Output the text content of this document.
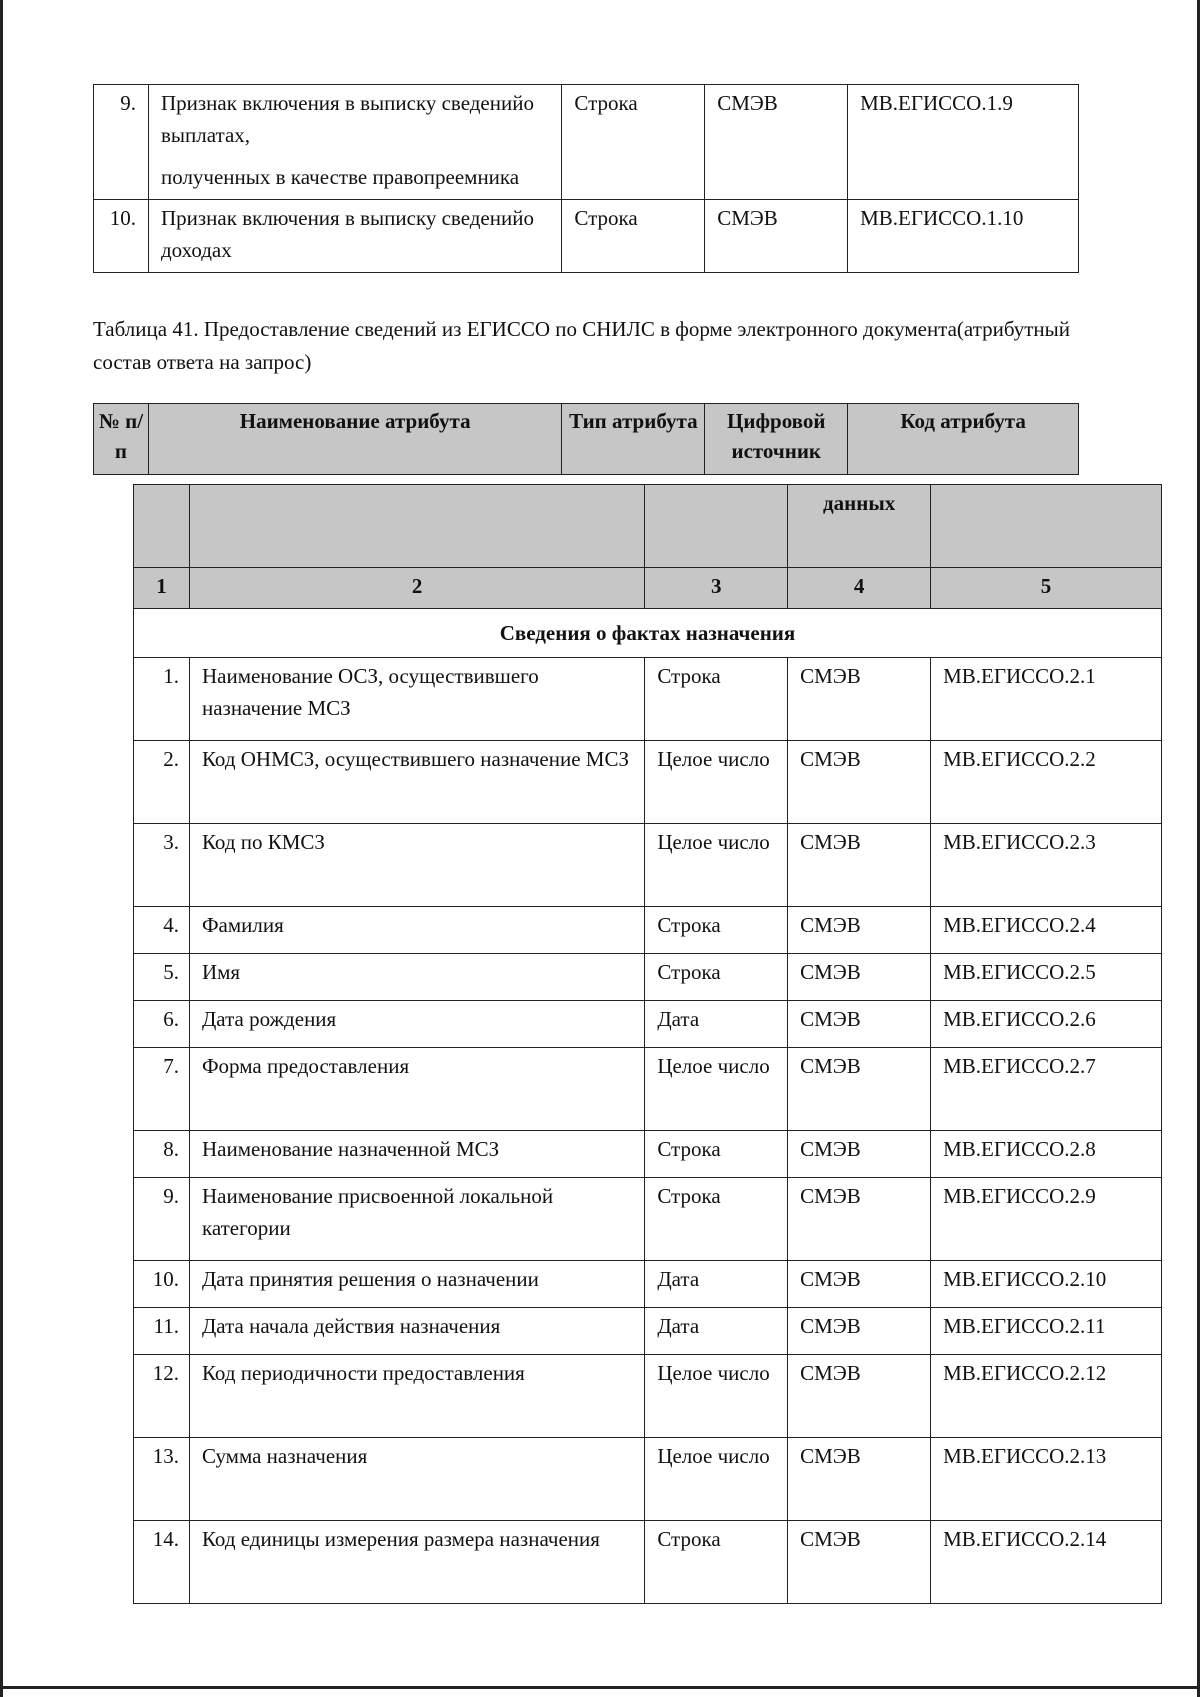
9.	Признак включения в выписку сведенийо выплатах,
полученных в качестве правопреемника	Строка	СМЭВ	МВ.ЕГИССО.1.9
10.	Признак включения в выписку сведенийо доходах	Строка	СМЭВ	МВ.ЕГИССО.1.10
Таблица 41. Предоставление сведений из ЕГИССО по СНИЛС в форме электронного документа(атрибутный состав ответа на запрос)
№ п/п	Наименование атрибута	Тип атрибута	Цифровой источник	Код атрибута
			данных	
1	2	3	4	5
Сведения о фактах назначения				
1.	Наименование ОСЗ, осуществившего назначение МСЗ	Строка	СМЭВ	МВ.ЕГИССО.2.1
2.	Код ОНМСЗ, осуществившего назначение МСЗ	Целое число	СМЭВ	МВ.ЕГИССО.2.2
3.	Код по КМСЗ	Целое число	СМЭВ	МВ.ЕГИССО.2.3
4.	Фамилия	Строка	СМЭВ	МВ.ЕГИССО.2.4
5.	Имя	Строка	СМЭВ	МВ.ЕГИССО.2.5
6.	Дата рождения	Дата	СМЭВ	МВ.ЕГИССО.2.6
7.	Форма предоставления	Целое число	СМЭВ	МВ.ЕГИССО.2.7
8.	Наименование назначенной МСЗ	Строка	СМЭВ	МВ.ЕГИССО.2.8
9.	Наименование присвоенной локальной категории	Строка	СМЭВ	МВ.ЕГИССО.2.9
10.	Дата принятия решения о назначении	Дата	СМЭВ	МВ.ЕГИССО.2.10
11.	Дата начала действия назначения	Дата	СМЭВ	МВ.ЕГИССО.2.11
12.	Код периодичности предоставления	Целое число	СМЭВ	МВ.ЕГИССО.2.12
13.	Сумма назначения	Целое число	СМЭВ	МВ.ЕГИССО.2.13
14.	Код единицы измерения размера назначения	Строка	СМЭВ	МВ.ЕГИССО.2.14
